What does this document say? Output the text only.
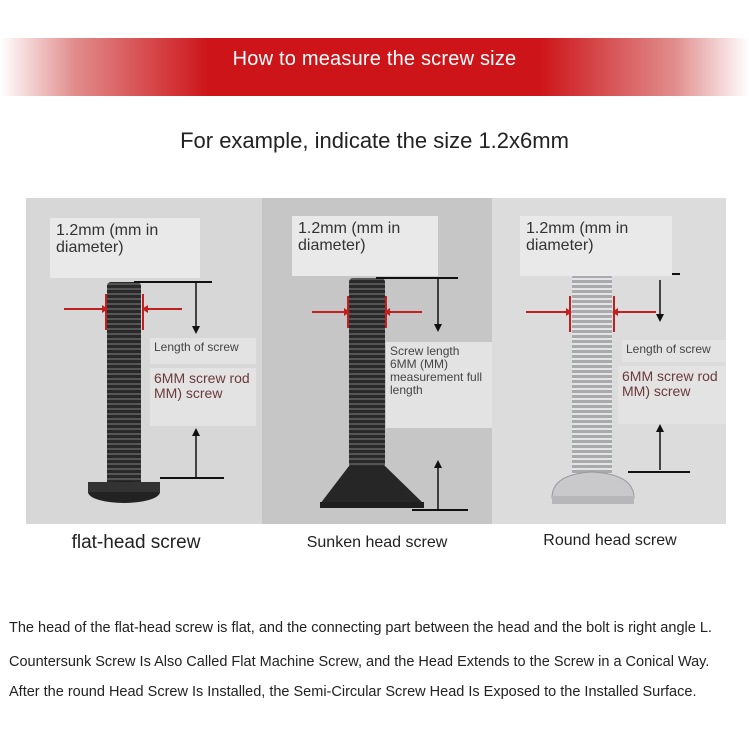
How to measure the screw size
For example, indicate the size 1.2x6mm
1.2mm (mm in diameter)
Length of screw
6MM screw rod MM) screw
1.2mm (mm in diameter)
Screw length 6MM (MM) measurement full length
1.2mm (mm in diameter)
Length of screw
6MM screw rod MM) screw
flat-head screw	Sunken head screw	Round head screw
The head of the flat-head screw is flat, and the connecting part between the head and the bolt is right angle L.
Countersunk Screw Is Also Called Flat Machine Screw, and the Head Extends to the Screw in a Conical Way.
After the round Head Screw Is Installed, the Semi-Circular Screw Head Is Exposed to the Installed Surface.
